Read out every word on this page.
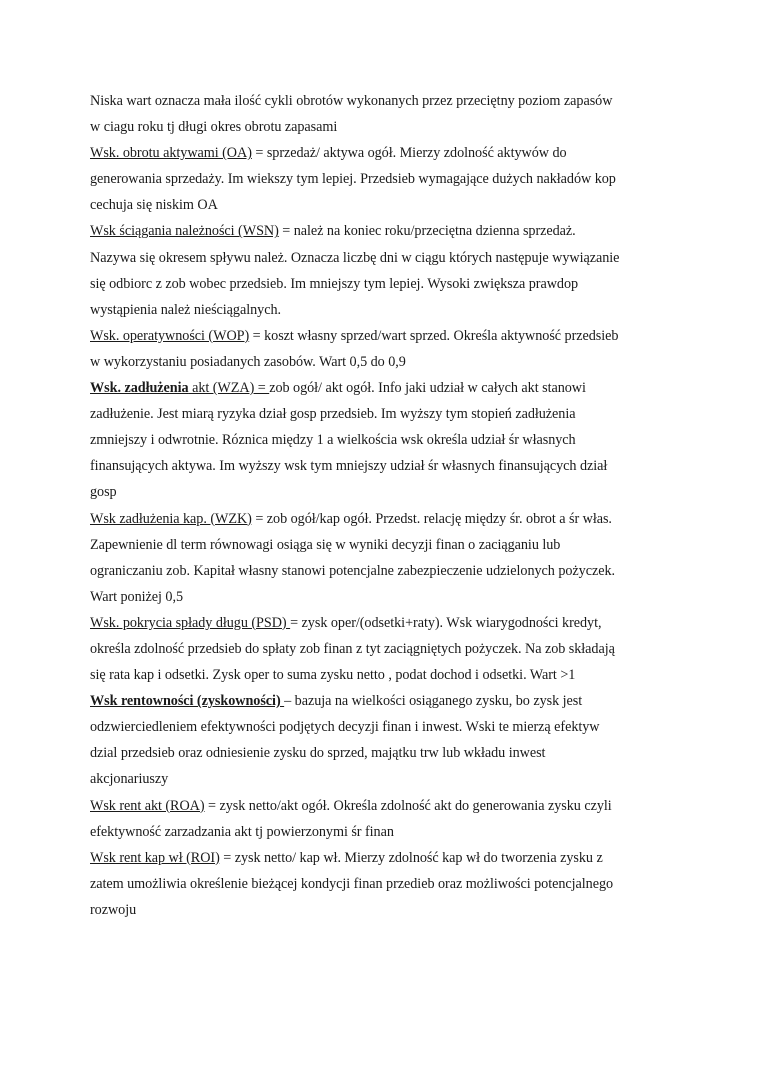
Niska wart oznacza mała ilość cykli obrotów wykonanych przez przeciętny poziom zapasów
w ciagu roku tj długi okres obrotu zapasami
Wsk. obrotu aktywami (OA) = sprzedaż/ aktywa ogół. Mierzy zdolność aktywów do
generowania sprzedaży. Im wiekszy tym lepiej. Przedsieb wymagające dużych nakładów kop
cechuja się niskim OA
Wsk ściągania należności (WSN) = należ na koniec roku/przeciętna dzienna sprzedaż.
Nazywa się okresem spływu należ. Oznacza liczbę dni w ciągu których następuje wywiązanie
się odbiorc z zob wobec przedsieb. Im mniejszy tym lepiej. Wysoki zwiększa prawdop
wystąpienia należ nieściągalnych.
Wsk. operatywności (WOP) = koszt własny sprzed/wart sprzed. Określa aktywność przedsieb
w wykorzystaniu posiadanych zasobów. Wart 0,5 do 0,9
Wsk. zadłużenia akt (WZA) = zob ogół/ akt ogół. Info jaki udział w całych akt stanowi
zadłużenie. Jest miarą ryzyka dział gosp przedsieb. Im wyższy tym stopień zadłużenia
zmniejszy i odwrotnie. Róznica między 1 a wielkościa wsk określa udział śr własnych
finansujących aktywa. Im wyższy wsk tym mniejszy udział śr własnych finansujących dział
gosp
Wsk zadłużenia kap. (WZK) = zob ogół/kap ogół. Przedst. relację między śr. obrot a śr włas.
Zapewnienie dl term równowagi osiąga się w wyniki decyzji finan o zaciąganiu lub
ograniczaniu zob. Kapitał własny stanowi potencjalne zabezpieczenie udzielonych pożyczek.
Wart poniżej 0,5
Wsk. pokrycia spłady długu (PSD) = zysk oper/(odsetki+raty). Wsk wiarygodności kredyt,
określa zdolność przedsieb do spłaty zob finan z tyt zaciągniętych pożyczek. Na zob składają
się rata kap i odsetki. Zysk oper to suma zysku netto , podat dochod i odsetki. Wart >1
Wsk rentowności (zyskowności) – bazuja na wielkości osiąganego zysku, bo zysk jest
odzwierciedleniem efektywności podjętych decyzji finan i inwest. Wski te mierzą efektyw
dzial przedsieb oraz odniesienie zysku do sprzed, majątku trw lub wkładu inwest
akcjonariuszy
Wsk rent akt (ROA) = zysk netto/akt ogół. Określa zdolność akt do generowania zysku czyli
efektywność zarzadzania akt tj powierzonymi śr finan
Wsk rent kap wł (ROI) = zysk netto/ kap wł. Mierzy zdolność kap wł do tworzenia zysku z
zatem umożliwia określenie bieżącej kondycji finan przedieb oraz możliwości potencjalnego
rozwoju
